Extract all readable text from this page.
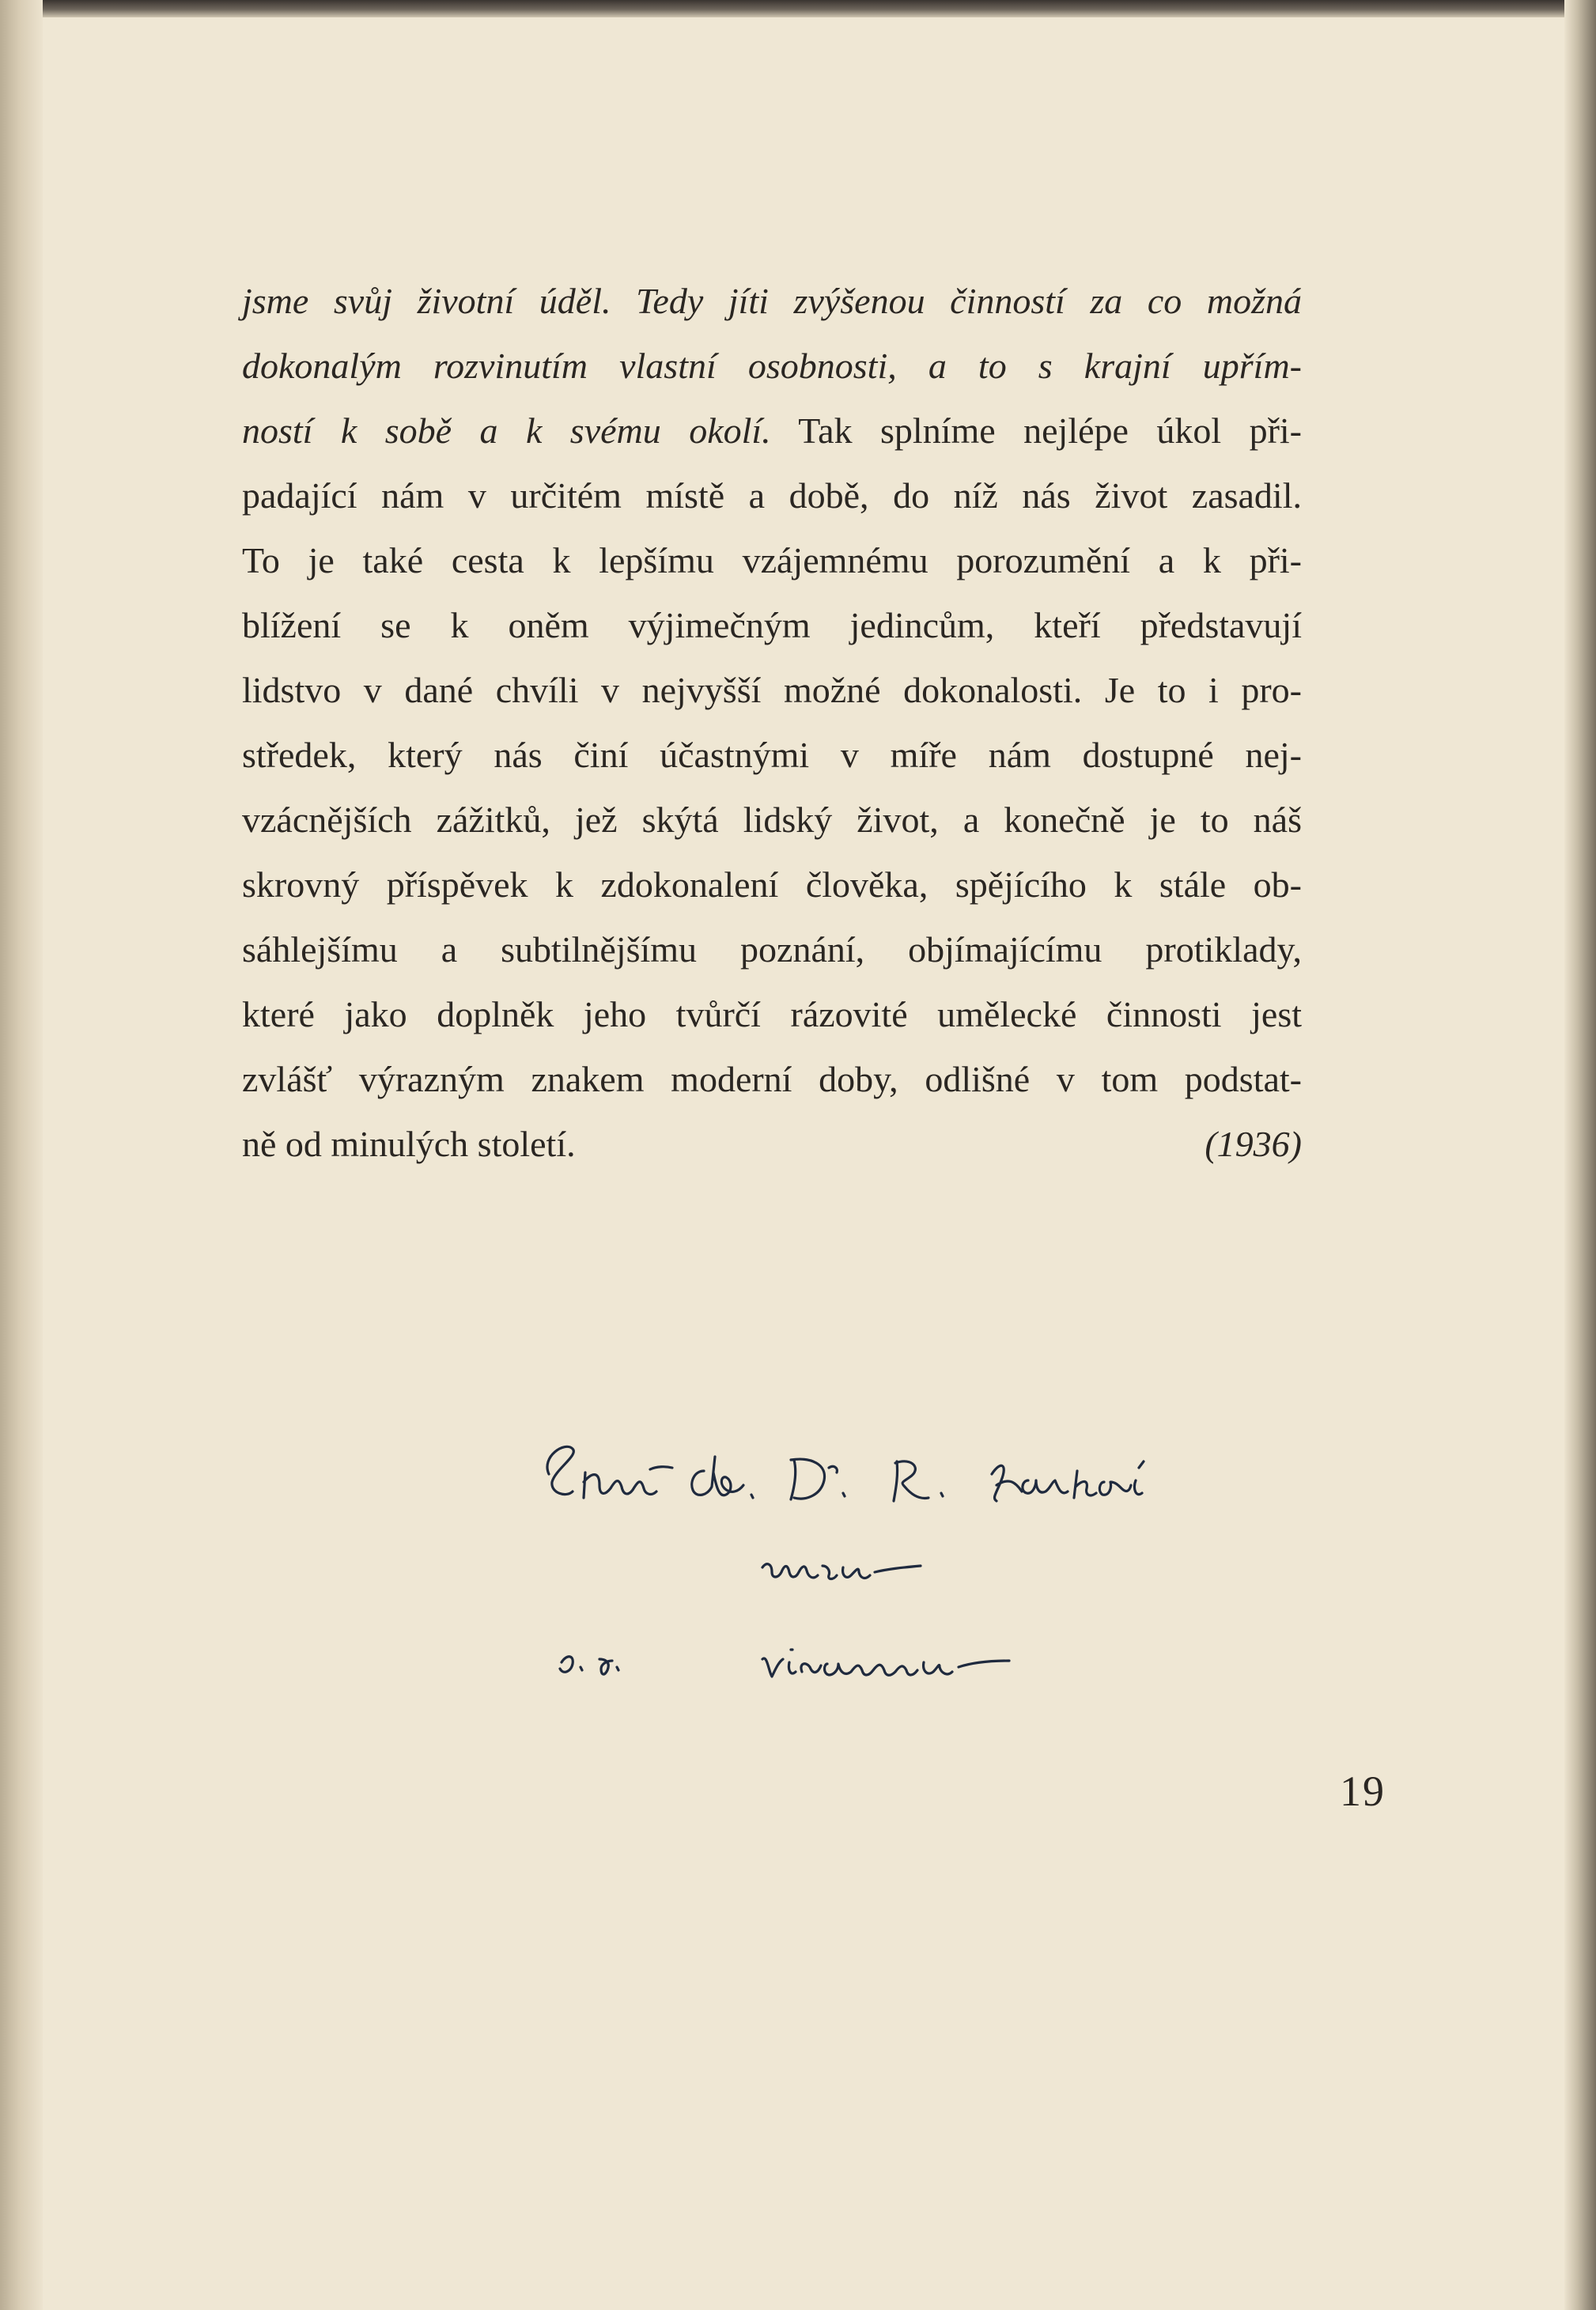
jsme svůj životní úděl. Tedy jíti zvýšenou činností za co možná
dokonalým rozvinutím vlastní osobnosti, a to s krajní upřím-
ností k sobě a k svému okolí. Tak splníme nejlépe úkol při-
padající nám v určitém místě a době, do níž nás život zasadil.
To je také cesta k lepšímu vzájemnému porozumění a k při-
blížení se k oněm výjimečným jedincům, kteří představují
lidstvo v dané chvíli v nejvyšší možné dokonalosti. Je to i pro-
středek, který nás činí účastnými v míře nám dostupné nej-
vzácnějších zážitků, jež skýtá lidský život, a konečně je to náš
skrovný příspěvek k zdokonalení člověka, spějícího k stále ob-
sáhlejšímu a subtilnějšímu poznání, objímajícímu protiklady,
které jako doplněk jeho tvůrčí rázovité umělecké činnosti jest
zvlášť výrazným znakem moderní doby, odlišné v tom podstat-
ně od minulých století.	(1936)
19
